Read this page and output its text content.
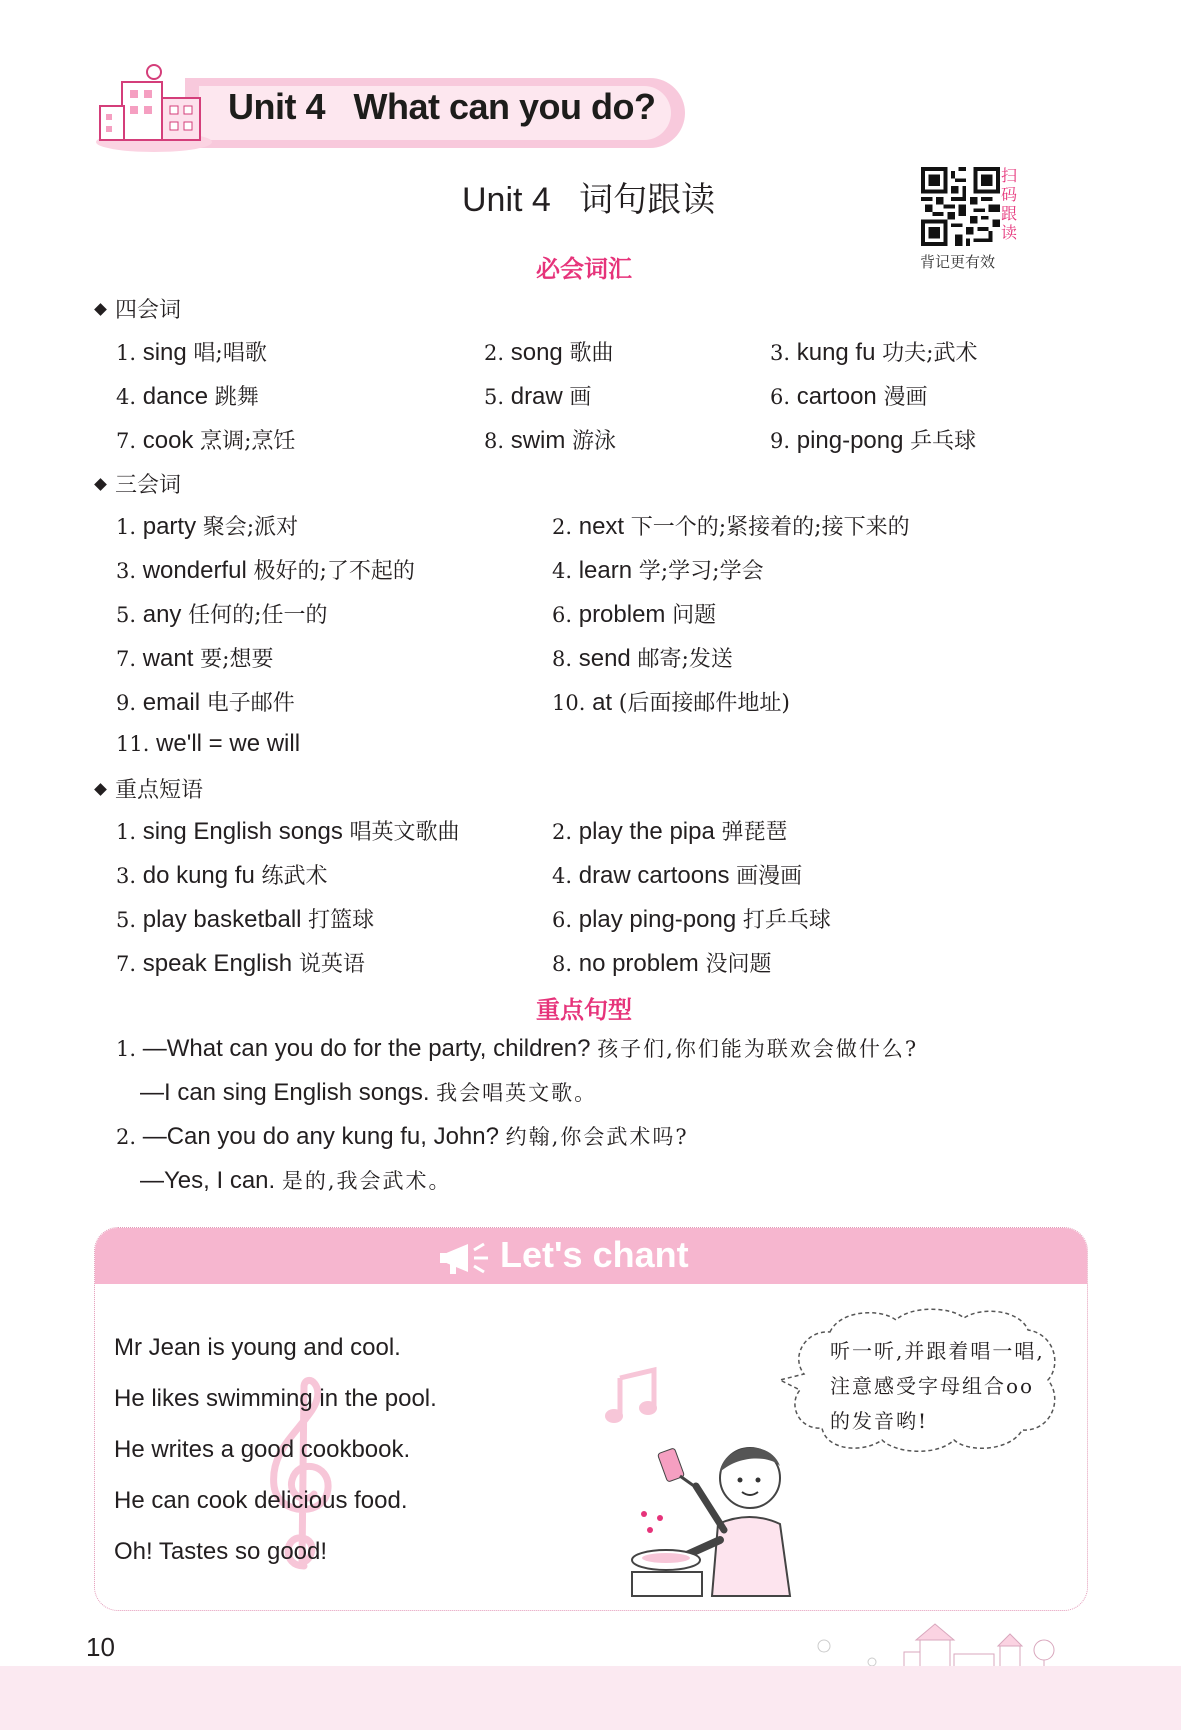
Unit 4   What can you do?
Unit 4   词句跟读
扫码跟读
背记更有效
必会词汇
四会词
1. sing 唱;唱歌	2. song 歌曲	3. kung fu 功夫;武术
4. dance 跳舞	5. draw 画	6. cartoon 漫画
7. cook 烹调;烹饪	8. swim 游泳	9. ping-pong 乒乓球
三会词
1. party 聚会;派对	2. next 下一个的;紧接着的;接下来的
3. wonderful 极好的;了不起的	4. learn 学;学习;学会
5. any 任何的;任一的	6. problem 问题
7. want 要;想要	8. send 邮寄;发送
9. email 电子邮件	10. at (后面接邮件地址)
11. we'll = we will
重点短语
1. sing English songs 唱英文歌曲	2. play the pipa 弹琵琶
3. do kung fu 练武术	4. draw cartoons 画漫画
5. play basketball 打篮球	6. play ping-pong 打乒乓球
7. speak English 说英语	8. no problem 没问题
重点句型
1. —What can you do for the party, children? 孩子们,你们能为联欢会做什么?
—I can sing English songs. 我会唱英文歌。
2. —Can you do any kung fu, John? 约翰,你会武术吗?
—Yes, I can. 是的,我会武术。
Let's chant
Mr Jean is young and cool.
He likes swimming in the pool.
He writes a good cookbook.
He can cook delicious food.
Oh! Tastes so good!
听一听,并跟着唱一唱,注意感受字母组合oo的发音哟!
10
